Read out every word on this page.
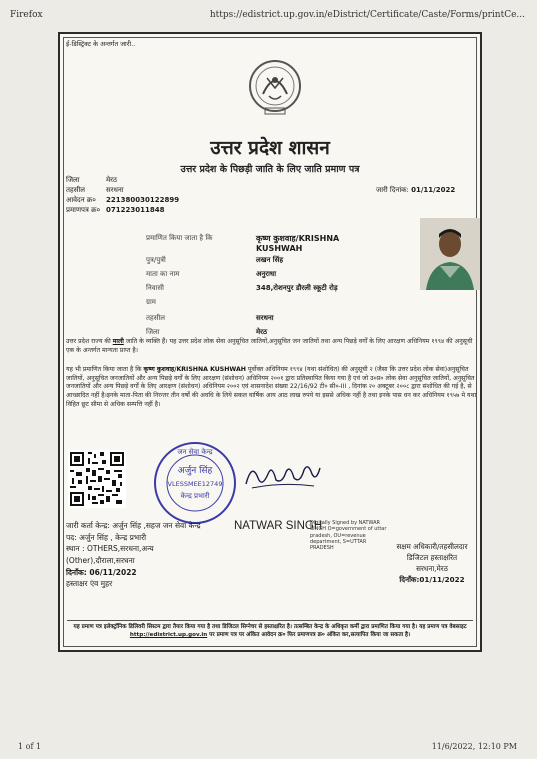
Firefox	https://edistrict.up.gov.in/eDistrict/Certificate/Caste/Forms/printCe...
ई-डिस्ट्रिक्ट के अन्तर्गत जारी..
उत्तर प्रदेश शासन
उत्तर प्रदेश के पिछड़ी जाति के लिए जाति प्रमाण पत्र
जिला	मेरठ
तहसील	सरधना
आवेदन क्र० 221380030122899
प्रमाणपत्र क्र० 071223011848
जारी दिनांक: 01/11/2022
प्रमाणित किया जाता है कि	कृष्ण कुशवाह/KRISHNA KUSHWAH
पुत्र/पुत्री	लखन सिंह
माता का नाम	अनुराधा
निवासी	348,रोशनपुर डौरली स्कूटी रोड़
ग्राम
तहसील	सरधना
जिला	मेरठ
उत्तर प्रदेश राज्य की माली जाति के व्यक्ति हैं। यह उत्तर प्रदेश लोक सेवा अनुसूचित जातियों,अनुसूचित जन जातियों तथा अन्य पिछड़े वर्गों के लिए आरक्षण अधिनियम १९९४ की अनुसूची एक के अन्तर्गत मान्यता प्राप्त है।
यह भी प्रमाणित किया जाता है कि कृष्ण कुशवाह/KRISHNA KUSHWAH पूर्वोक्त अधिनियम १९९४ (यथा संशोधित) की अनुसूची २ (जैसा कि उत्तर प्रदेश लोक सेवा)अनुसूचित जातियों, अनुसूचित जनजातियों और अन्य पिछड़े वर्गों के लिए आरक्षण (संशोधन) अधिनियम २००१ द्वारा प्रतिस्थापित किया गया है एवं जो उ०प्र० लोक सेवा अनुसूचित जातियों, अनुसूचित जनजातियों और अन्य पिछड़े वर्गों के लिए आरक्षण (संशोधन) अधिनियम २००२ एवं शासनादेश संख्या 22/16/92 टी० सी०-III , दिनांक २० अक्टूबर २००८ द्वारा संशोधित की गई है, से आच्छादित नहीं है।इनके माता-पिता की निरन्तर तीन वर्षों की अवधि के लिये सकल वार्षिक आय आठ लाख रुपये या इससे अधिक नहीं है तथा इनके पास धन कर अधिनियम १९५७ मे यथा विहित छूट सीमा से अधिक सम्पत्ति नहीं है।
जन सेवा केन्द्र
अर्जुन सिंह
VLESSMEE12749
केन्द्र प्रभारी
जारी कर्ता केन्द्र: अर्जुन सिंह ,सहज जन सेवा केन्द्र
पद: अर्जुन सिंह , केन्द्र प्रभारी
स्थान : OTHERS,सरधना,अन्य
(Other),दौराला,सरधना
दिनाँक: 06/11/2022
हस्ताक्षर एंव मुहर
NATWAR SINGH
Digitally Signed by NATWAR SINGH O=government of uttar pradesh, OU=revenue department, S=UTTAR PRADESH	सक्षम अधिकारी/तहसीलदार
डिजिटल हस्ताक्षरित
सरधना,मेरठ
दिनाँक:01/11/2022
यह प्रमाण पत्र इलेक्ट्रॉनिक डिलिवरी सिस्टम द्वारा तैयार किया गया है तथा डिजिटल सिग्नेचर से हस्ताक्षरित है। तत्सम्बित केन्द्र के अधिकृत कर्मी द्वारा प्रमाणित किया गया है। यह प्रमाण पत्र वेबसाइट http://edistrict.up.gov.in पर प्रमाण पत्र पर अंकित आवेदन क्र० फिर प्रमाणपत्र क्र० अंकित कर,सत्यापित किया जा सकता है।
1 of 1	11/6/2022, 12:10 PM
